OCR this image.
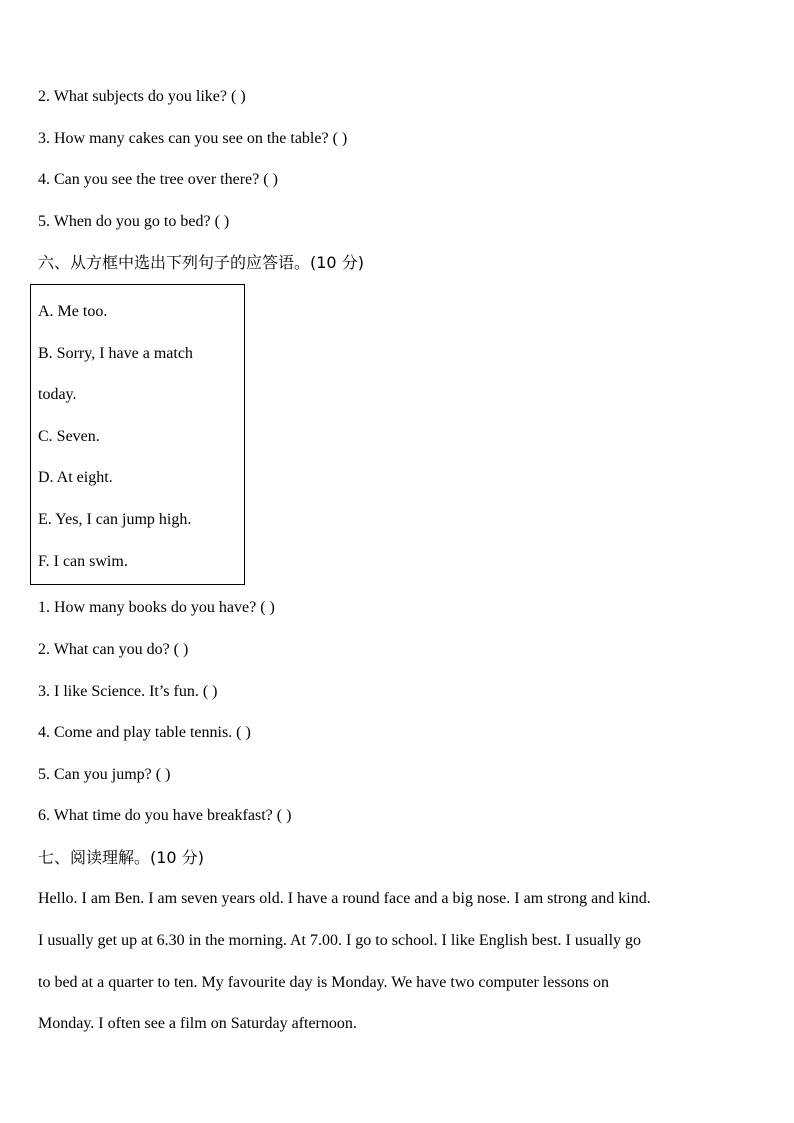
2. What subjects do you like? ( )
3. How many cakes can you see on the table? ( )
4. Can you see the tree over there? ( )
5. When do you go to bed? ( )
六、从方框中选出下列句子的应答语。(10 分)
A. Me too.
B. Sorry, I have a match
today.
C. Seven.
D. At eight.
E. Yes, I can jump high.
F. I can swim.
1. How many books do you have? ( )
2. What can you do? ( )
3. I like Science. It’s fun. ( )
4. Come and play table tennis. ( )
5. Can you jump? ( )
6. What time do you have breakfast? ( )
七、阅读理解。(10 分)
Hello. I am Ben. I am seven years old. I have a round face and a big nose. I am strong and kind.
I usually get up at 6.30 in the morning. At 7.00. I go to school. I like English best. I usually go
to bed at a quarter to ten. My favourite day is Monday. We have two computer lessons on
Monday. I often see a film on Saturday afternoon.
